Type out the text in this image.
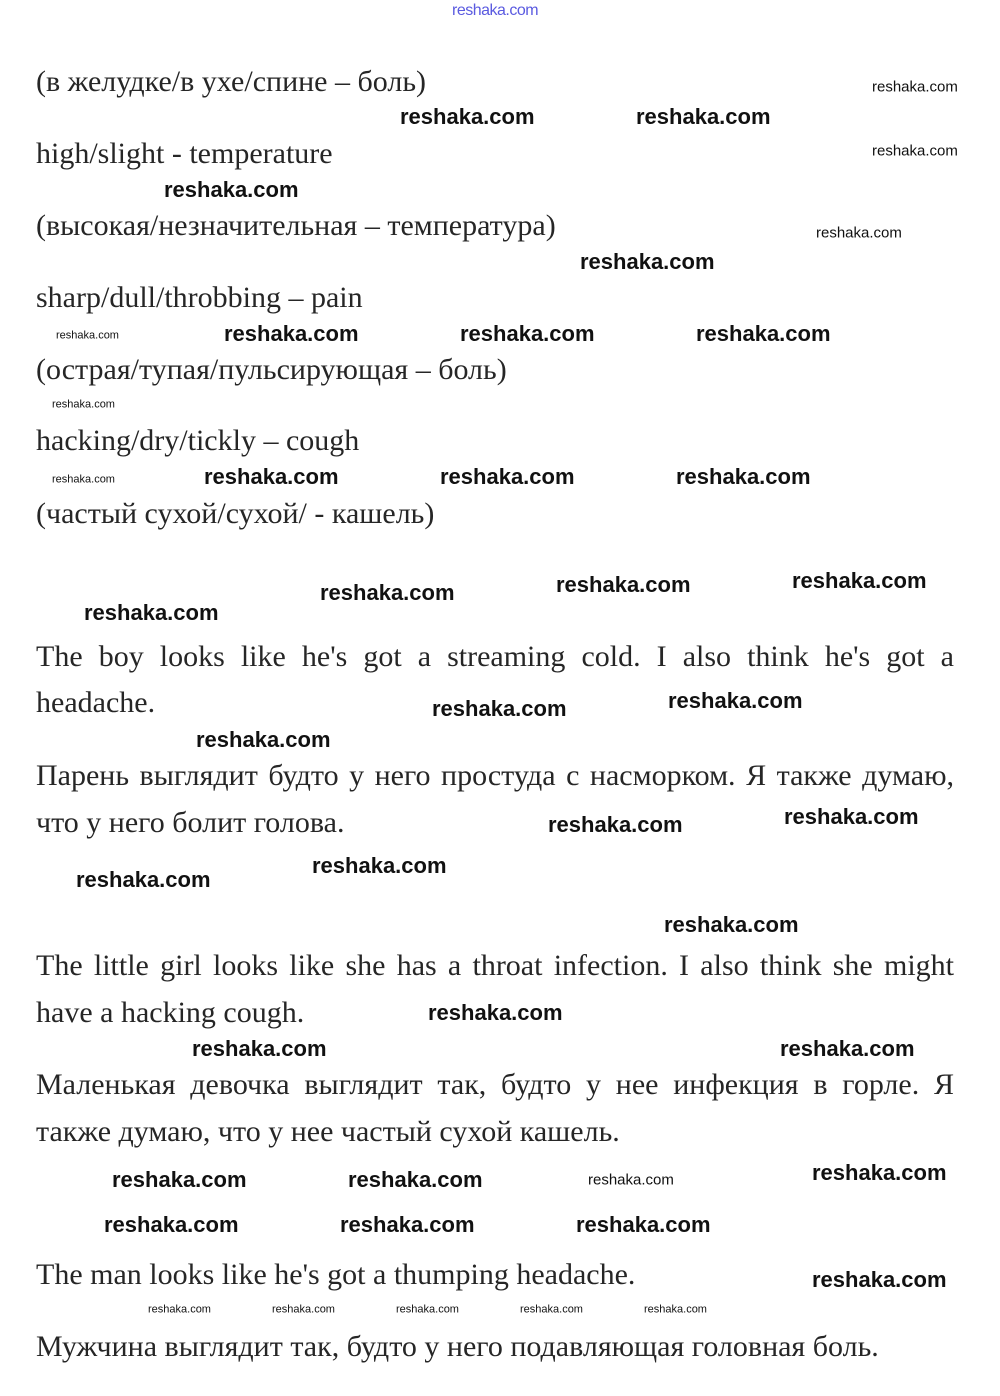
(в желудке/в ухе/спине – боль)
high/slight - temperature
(высокая/незначительная – температура)
sharp/dull/throbbing – pain
(острая/тупая/пульсирующая – боль)
hacking/dry/tickly – cough
(частый сухой/сухой/ - кашель)
The boy looks like he's got a streaming cold. I also think he's got a
headache.
Парень выглядит будто у него простуда с насморком. Я также думаю,
что у него болит голова.
The little girl looks like she has a throat infection. I also think she might
have a hacking cough.
Маленькая девочка выглядит так, будто у нее инфекция в горле. Я
также думаю, что у нее частый сухой кашель.
The man looks like he's got a thumping headache.
Мужчина выглядит так, будто у него подавляющая головная боль.
reshaka.com
reshaka.com
reshaka.com
reshaka.com
reshaka.com
reshaka.com
reshaka.com
reshaka.com
reshaka.com	reshaka.com	reshaka.com	reshaka.com	reshaka.com
reshaka.com	reshaka.com
reshaka.com
reshaka.com
reshaka.com	reshaka.com	reshaka.com
reshaka.com	reshaka.com	reshaka.com
reshaka.com	reshaka.com	reshaka.com
reshaka.com
reshaka.com	reshaka.com
reshaka.com
reshaka.com	reshaka.com
reshaka.com
reshaka.com
reshaka.com
reshaka.com
reshaka.com
reshaka.com
reshaka.com	reshaka.com	reshaka.com
reshaka.com	reshaka.com	reshaka.com
reshaka.com
